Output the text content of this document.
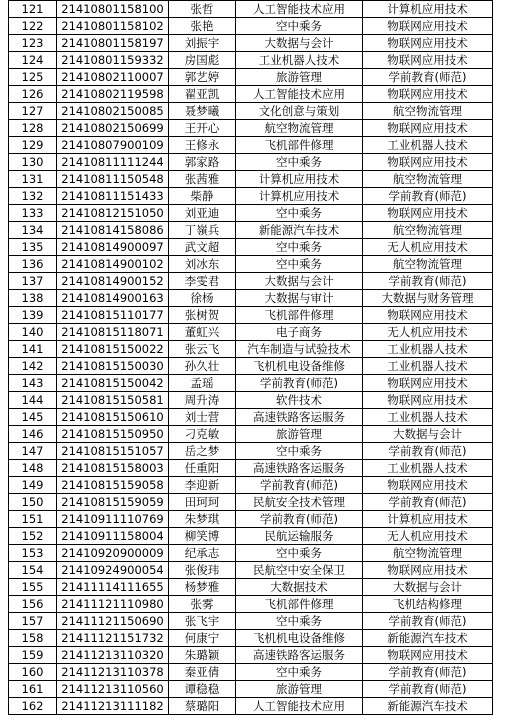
121	21410801158100	张哲	人工智能技术应用	计算机应用技术
122	21410801158102	张艳	空中乘务	物联网应用技术
123	21410801158197	刘振宇	大数据与会计	物联网应用技术
124	21410801159332	房国彪	工业机器人技术	物联网应用技术
125	21410802110007	郭艺婷	旅游管理	学前教育(师范)
126	21410802119598	翟亚凯	人工智能技术应用	物联网应用技术
127	21410802150085	聂梦曦	文化创意与策划	航空物流管理
128	21410802150699	王开心	航空物流管理	物联网应用技术
129	21410807900109	王修永	飞机部件修理	工业机器人技术
130	21410811111244	郭家路	空中乘务	物联网应用技术
131	21410811150548	张茜雅	计算机应用技术	航空物流管理
132	21410811151433	柴静	计算机应用技术	学前教育(师范)
133	21410812151050	刘亚迪	空中乘务	物联网应用技术
134	21410814158086	丁嶺兵	新能源汽车技术	航空物流管理
135	21410814900097	武文超	空中乘务	无人机应用技术
136	21410814900102	刘冰东	空中乘务	航空物流管理
137	21410814900152	李雯君	大数据与会计	学前教育(师范)
138	21410814900163	徐杨	大数据与审计	大数据与财务管理
139	21410815110177	张树贺	飞机部件修理	物联网应用技术
140	21410815118071	董虹兴	电子商务	无人机应用技术
141	21410815150022	张云飞	汽车制造与试验技术	工业机器人技术
142	21410815150030	孙久壮	飞机机电设备维修	工业机器人技术
143	21410815150042	孟瑶	学前教育(师范)	物联网应用技术
144	21410815150581	周升涛	软件技术	物联网应用技术
145	21410815150610	刘士营	高速铁路客运服务	工业机器人技术
146	21410815150950	刁克敏	旅游管理	大数据与会计
147	21410815151057	岳之梦	空中乘务	学前教育(师范)
148	21410815158003	任重阳	高速铁路客运服务	工业机器人技术
149	21410815159058	李迎新	学前教育(师范)	物联网应用技术
150	21410815159059	田珂珂	民航安全技术管理	学前教育(师范)
151	21410911110769	朱梦琪	学前教育(师范)	计算机应用技术
152	21410911158004	柳笑博	民航运输服务	无人机应用技术
153	21410920900009	纪承志	空中乘务	航空物流管理
154	21410924900054	张俊玮	民航空中安全保卫	物联网应用技术
155	21411114111655	杨梦雅	大数据技术	大数据与会计
156	21411121110980	张雾	飞机部件修理	飞机结构修理
157	21411121150690	张飞宇	空中乘务	学前教育(师范)
158	21411121151732	何康宁	飞机机电设备维修	新能源汽车技术
159	21411213110320	朱璐颖	高速铁路客运服务	物联网应用技术
160	21411213110378	秦亚倩	空中乘务	学前教育(师范)
161	21411213110560	谭稳稳	旅游管理	学前教育(师范)
162	21411213111182	蔡璐阳	人工智能技术应用	新能源汽车技术
